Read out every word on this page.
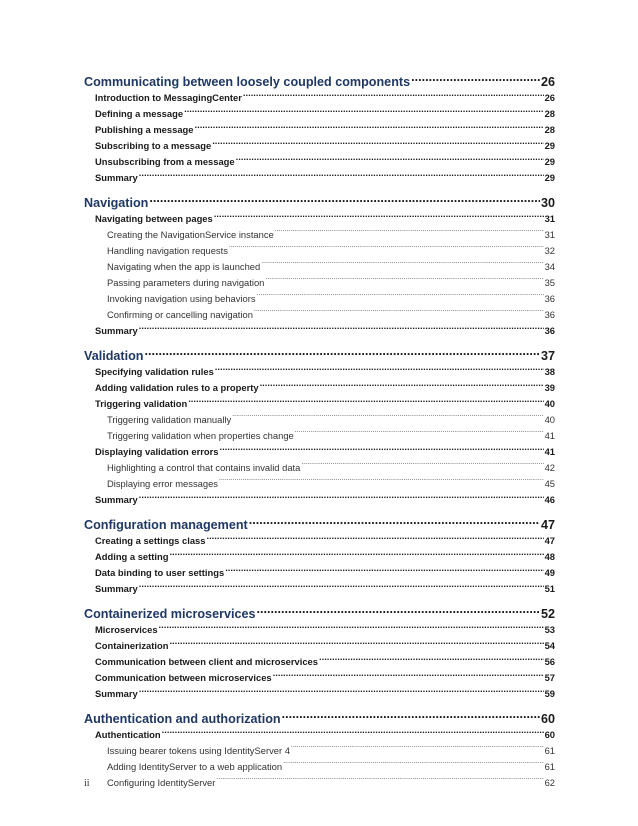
Communicating between loosely coupled components .....	26
Introduction to MessagingCenter .....	26
Defining a message .....	28
Publishing a message .....	28
Subscribing to a message .....	29
Unsubscribing from a message .....	29
Summary .....	29
Navigation .....	30
Navigating between pages .....	31
Creating the NavigationService instance .....	31
Handling navigation requests .....	32
Navigating when the app is launched .....	34
Passing parameters during navigation .....	35
Invoking navigation using behaviors .....	36
Confirming or cancelling navigation .....	36
Summary .....	36
Validation .....	37
Specifying validation rules .....	38
Adding validation rules to a property .....	39
Triggering validation .....	40
Triggering validation manually .....	40
Triggering validation when properties change .....	41
Displaying validation errors .....	41
Highlighting a control that contains invalid data .....	42
Displaying error messages .....	45
Summary .....	46
Configuration management .....	47
Creating a settings class .....	47
Adding a setting .....	48
Data binding to user settings .....	49
Summary .....	51
Containerized microservices .....	52
Microservices .....	53
Containerization .....	54
Communication between client and microservices .....	56
Communication between microservices .....	57
Summary .....	59
Authentication and authorization .....	60
Authentication .....	60
Issuing bearer tokens using IdentityServer 4 .....	61
Adding IdentityServer to a web application .....	61
Configuring IdentityServer .....	62
ii
